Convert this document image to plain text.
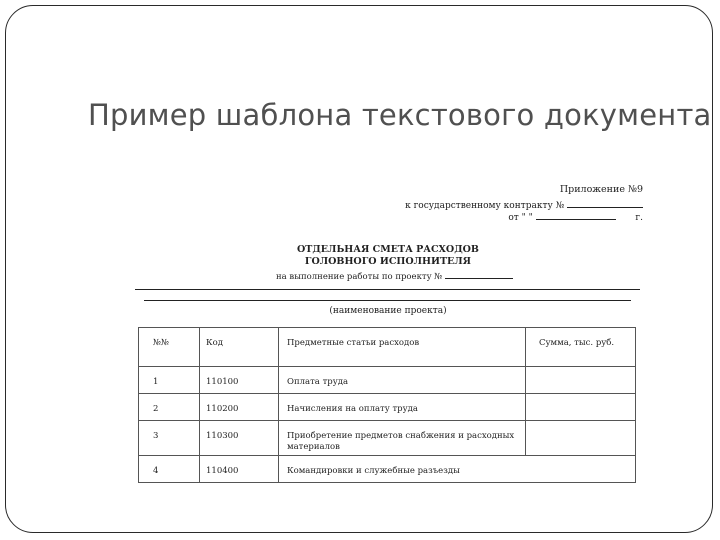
Пример шаблона текстового документа
Приложение №9
к государственному контракту №
от " "	г.
ОТДЕЛЬНАЯ СМЕТА РАСХОДОВ
ГОЛОВНОГО ИСПОЛНИТЕЛЯ
на выполнение работы по проекту №
(наименование проекта)
№№	Код	Предметные статьи расходов	Сумма, тыс. руб.

1	110100	Оплата труда	

2	110200	Начисления на оплату труда	

3	110300	Приобретение предметов снабжения и расходных материалов	

4	110400	Командировки и служебные разъезды	
